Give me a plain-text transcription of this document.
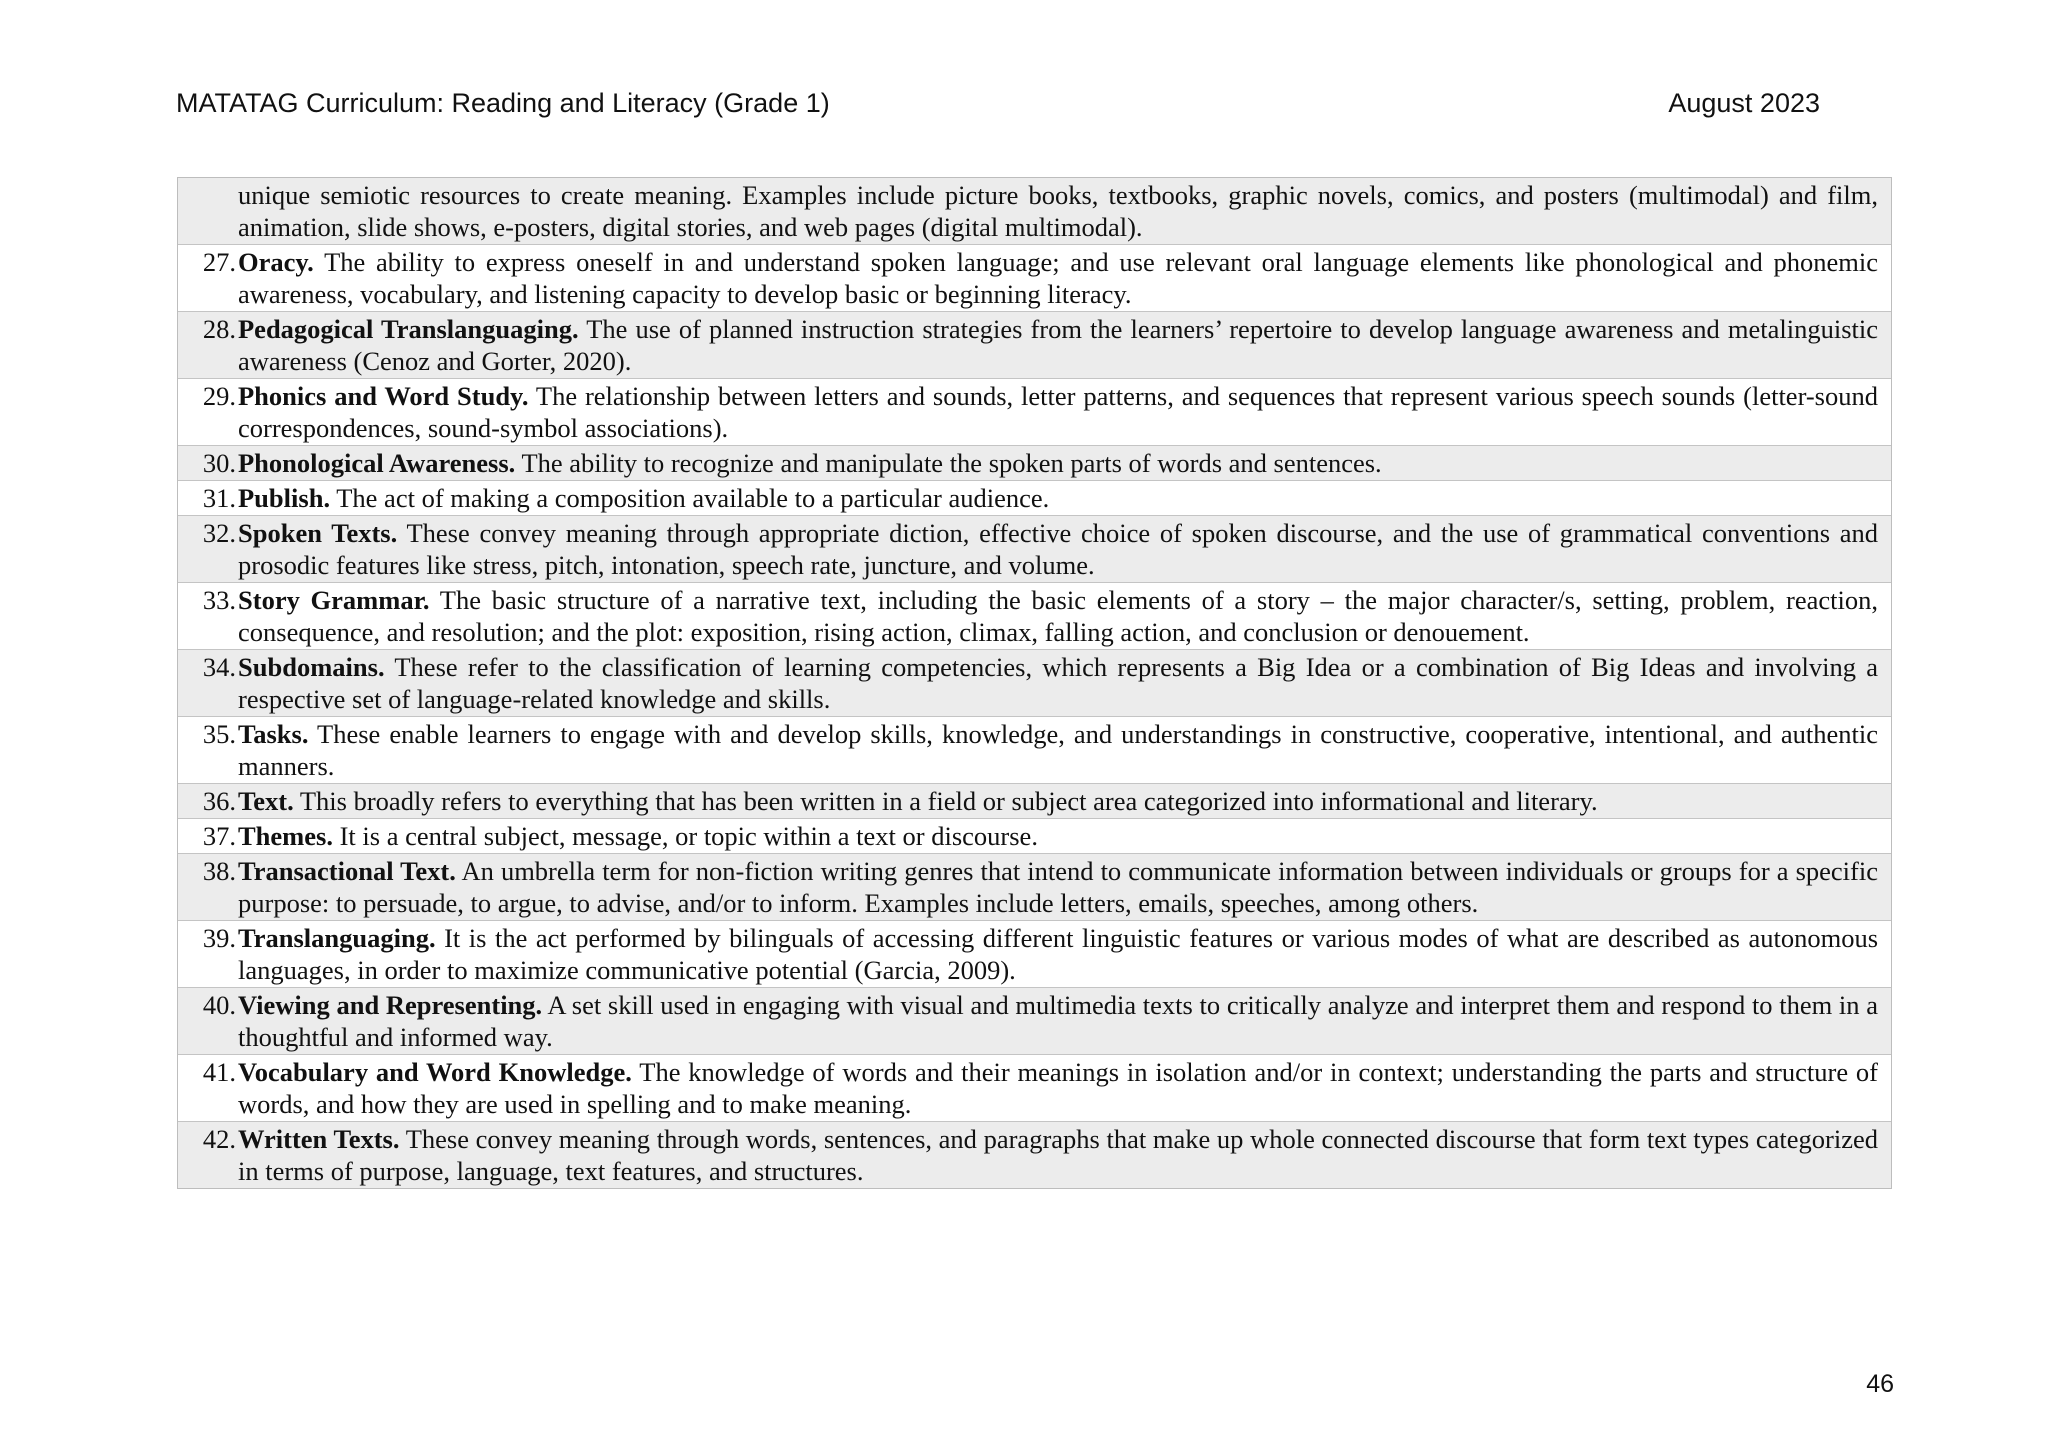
MATATAG Curriculum: Reading and Literacy (Grade 1)	August 2023
unique semiotic resources to create meaning. Examples include picture books, textbooks, graphic novels, comics, and posters (multimodal) and film, animation, slide shows, e-posters, digital stories, and web pages (digital multimodal).
27. Oracy. The ability to express oneself in and understand spoken language; and use relevant oral language elements like phonological and phonemic awareness, vocabulary, and listening capacity to develop basic or beginning literacy.
28. Pedagogical Translanguaging. The use of planned instruction strategies from the learners’ repertoire to develop language awareness and metalinguistic awareness (Cenoz and Gorter, 2020).
29. Phonics and Word Study. The relationship between letters and sounds, letter patterns, and sequences that represent various speech sounds (letter-sound correspondences, sound-symbol associations).
30. Phonological Awareness. The ability to recognize and manipulate the spoken parts of words and sentences.
31. Publish. The act of making a composition available to a particular audience.
32. Spoken Texts. These convey meaning through appropriate diction, effective choice of spoken discourse, and the use of grammatical conventions and prosodic features like stress, pitch, intonation, speech rate, juncture, and volume.
33. Story Grammar. The basic structure of a narrative text, including the basic elements of a story – the major character/s, setting, problem, reaction, consequence, and resolution; and the plot: exposition, rising action, climax, falling action, and conclusion or denouement.
34. Subdomains. These refer to the classification of learning competencies, which represents a Big Idea or a combination of Big Ideas and involving a respective set of language-related knowledge and skills.
35. Tasks. These enable learners to engage with and develop skills, knowledge, and understandings in constructive, cooperative, intentional, and authentic manners.
36. Text. This broadly refers to everything that has been written in a field or subject area categorized into informational and literary.
37. Themes. It is a central subject, message, or topic within a text or discourse.
38. Transactional Text. An umbrella term for non-fiction writing genres that intend to communicate information between individuals or groups for a specific purpose: to persuade, to argue, to advise, and/or to inform. Examples include letters, emails, speeches, among others.
39. Translanguaging. It is the act performed by bilinguals of accessing different linguistic features or various modes of what are described as autonomous languages, in order to maximize communicative potential (Garcia, 2009).
40. Viewing and Representing. A set skill used in engaging with visual and multimedia texts to critically analyze and interpret them and respond to them in a thoughtful and informed way.
41. Vocabulary and Word Knowledge. The knowledge of words and their meanings in isolation and/or in context; understanding the parts and structure of words, and how they are used in spelling and to make meaning.
42. Written Texts. These convey meaning through words, sentences, and paragraphs that make up whole connected discourse that form text types categorized in terms of purpose, language, text features, and structures.
46
